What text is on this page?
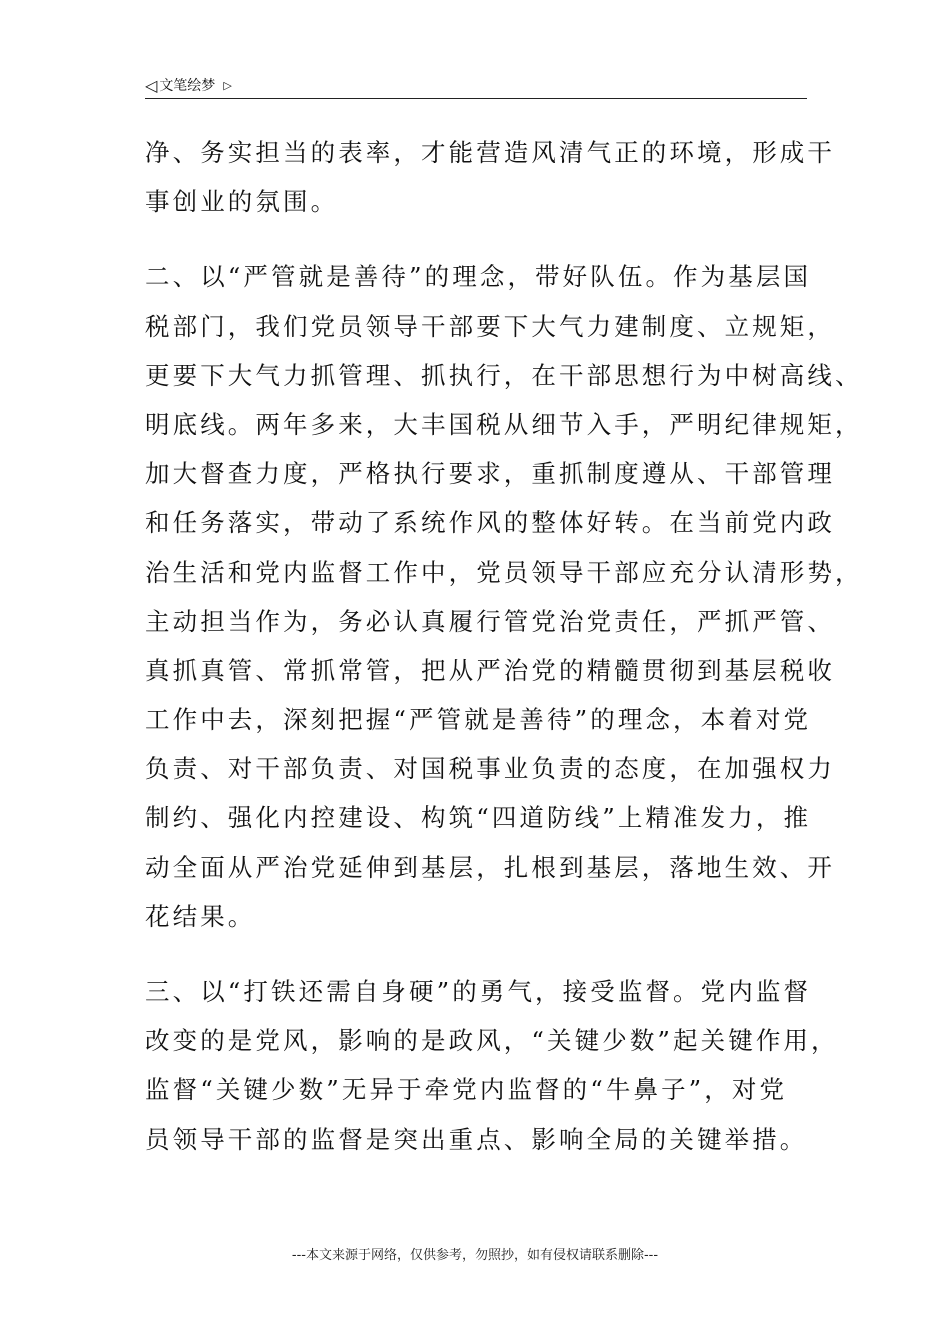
◁ 文笔绘梦 ▷

净、务实担当的表率，才能营造风清气正的环境，形成干
事创业的氛围。

二、以“严管就是善待”的理念，带好队伍。作为基层国
税部门，我们党员领导干部要下大气力建制度、立规矩，
更要下大气力抓管理、抓执行，在干部思想行为中树高线、
明底线。两年多来，大丰国税从细节入手，严明纪律规矩，
加大督查力度，严格执行要求，重抓制度遵从、干部管理
和任务落实，带动了系统作风的整体好转。在当前党内政
治生活和党内监督工作中，党员领导干部应充分认清形势，
主动担当作为，务必认真履行管党治党责任，严抓严管、
真抓真管、常抓常管，把从严治党的精髓贯彻到基层税收
工作中去，深刻把握“严管就是善待”的理念，本着对党
负责、对干部负责、对国税事业负责的态度，在加强权力
制约、强化内控建设、构筑“四道防线”上精准发力，推
动全面从严治党延伸到基层，扎根到基层，落地生效、开
花结果。

三、以“打铁还需自身硬”的勇气，接受监督。党内监督
改变的是党风，影响的是政风，“关键少数”起关键作用，
监督“关键少数”无异于牵党内监督的“牛鼻子”，对党
员领导干部的监督是突出重点、影响全局的关键举措。

---本文来源于网络，仅供参考，勿照抄，如有侵权请联系删除---
